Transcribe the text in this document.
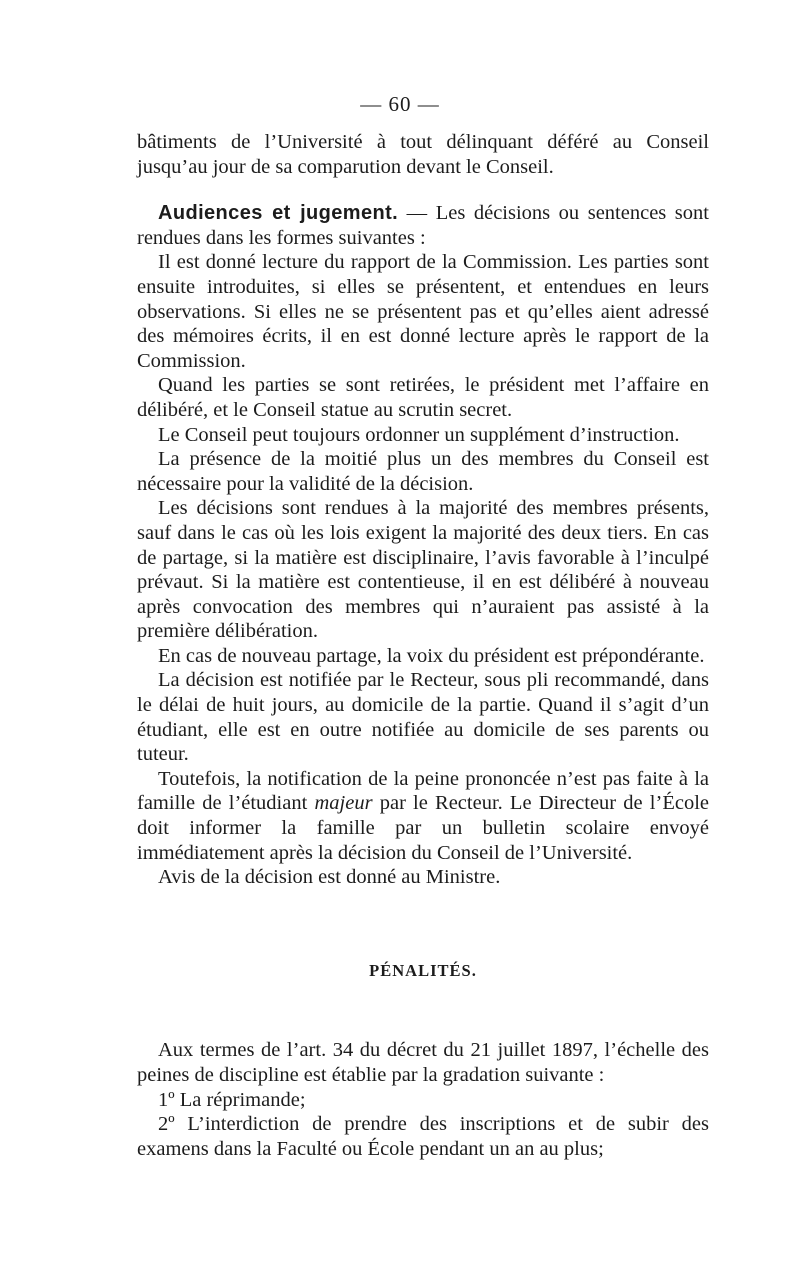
— 60 —

bâtiments de l’Université à tout délinquant déféré au Conseil jusqu’au jour de sa comparution devant le Conseil.

Audiences et jugement. — Les décisions ou sentences sont rendues dans les formes suivantes :

Il est donné lecture du rapport de la Commission. Les parties sont ensuite introduites, si elles se présentent, et entendues en leurs observations. Si elles ne se présentent pas et qu’elles aient adressé des mémoires écrits, il en est donné lecture après le rapport de la Commission.

Quand les parties se sont retirées, le président met l’affaire en délibéré, et le Conseil statue au scrutin secret.

Le Conseil peut toujours ordonner un supplément d’instruction.

La présence de la moitié plus un des membres du Conseil est nécessaire pour la validité de la décision.

Les décisions sont rendues à la majorité des membres présents, sauf dans le cas où les lois exigent la majorité des deux tiers. En cas de partage, si la matière est disciplinaire, l’avis favorable à l’inculpé prévaut. Si la matière est contentieuse, il en est délibéré à nouveau après convocation des membres qui n’auraient pas assisté à la première délibération.

En cas de nouveau partage, la voix du président est prépondérante.

La décision est notifiée par le Recteur, sous pli recommandé, dans le délai de huit jours, au domicile de la partie. Quand il s’agit d’un étudiant, elle est en outre notifiée au domicile de ses parents ou tuteur.

Toutefois, la notification de la peine prononcée n’est pas faite à la famille de l’étudiant majeur par le Recteur. Le Directeur de l’École doit informer la famille par un bulletin scolaire envoyé immédiatement après la décision du Conseil de l’Université.

Avis de la décision est donné au Ministre.

PÉNALITÉS.

Aux termes de l’art. 34 du décret du 21 juillet 1897, l’échelle des peines de discipline est établie par la gradation suivante :

1º La réprimande;

2º L’interdiction de prendre des inscriptions et de subir des examens dans la Faculté ou École pendant un an au plus;
